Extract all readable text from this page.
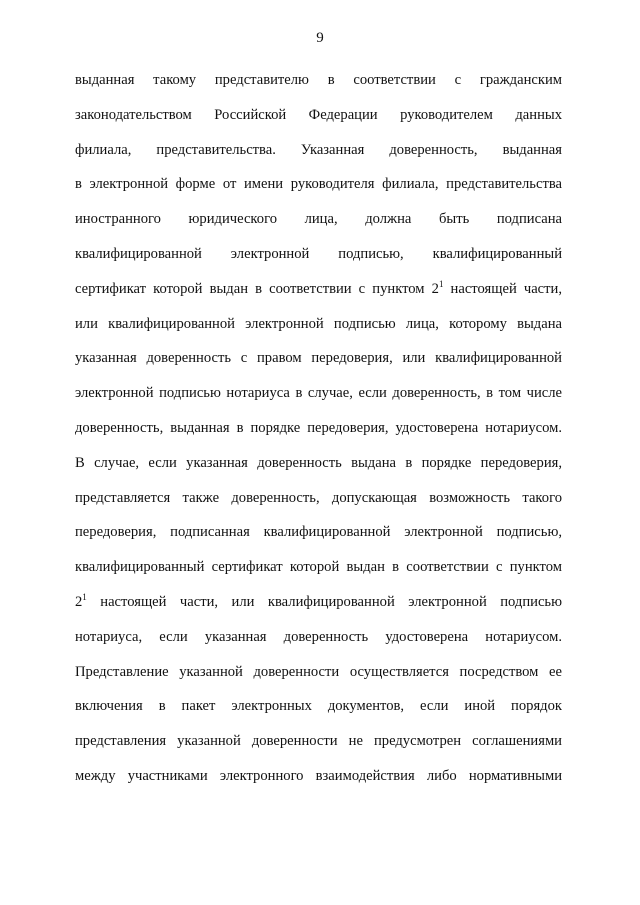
9
выданная такому представителю в соответствии с гражданским
законодательством Российской Федерации руководителем данных
филиала, представительства. Указанная доверенность, выданная
в электронной форме от имени руководителя филиала, представительства
иностранного юридического лица, должна быть подписана
квалифицированной электронной подписью, квалифицированный
сертификат которой выдан в соответствии с пунктом $2^1$ настоящей части,
или квалифицированной электронной подписью лица, которому выдана
указанная доверенность с правом передоверия, или квалифицированной
электронной подписью нотариуса в случае, если доверенность, в том числе
доверенность, выданная в порядке передоверия, удостоверена нотариусом.
В случае, если указанная доверенность выдана в порядке передоверия,
представляется также доверенность, допускающая возможность такого
передоверия, подписанная квалифицированной электронной подписью,
квалифицированный сертификат которой выдан в соответствии с пунктом
$2^1$ настоящей части, или квалифицированной электронной подписью
нотариуса, если указанная доверенность удостоверена нотариусом.
Представление указанной доверенности осуществляется посредством ее
включения в пакет электронных документов, если иной порядок
представления указанной доверенности не предусмотрен соглашениями
между участниками электронного взаимодействия либо нормативными
